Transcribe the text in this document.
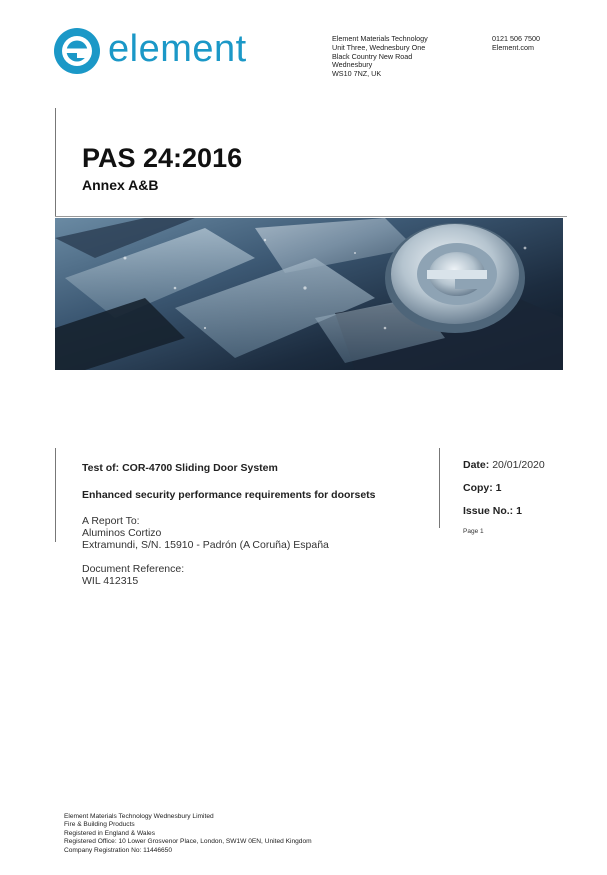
element	Element Materials Technology
Unit Three, Wednesbury One
Black Country New Road
Wednesbury
WS10 7NZ, UK
0121 506 7500
Element.com
PAS 24:2016
Annex A&B
Test of: COR-4700 Sliding Door System
Enhanced security performance requirements for doorsets
A Report To:
Aluminos Cortizo
Extramundi, S/N. 15910 - Padrón (A Coruña) España
Document Reference:
WIL 412315
Date: 20/01/2020
Copy: 1
Issue No.: 1
Page 1
Element Materials Technology Wednesbury Limited
Fire & Building Products
Registered in England & Wales
Registered Office: 10 Lower Grosvenor Place, London, SW1W 0EN, United Kingdom
Company Registration No: 11446650
